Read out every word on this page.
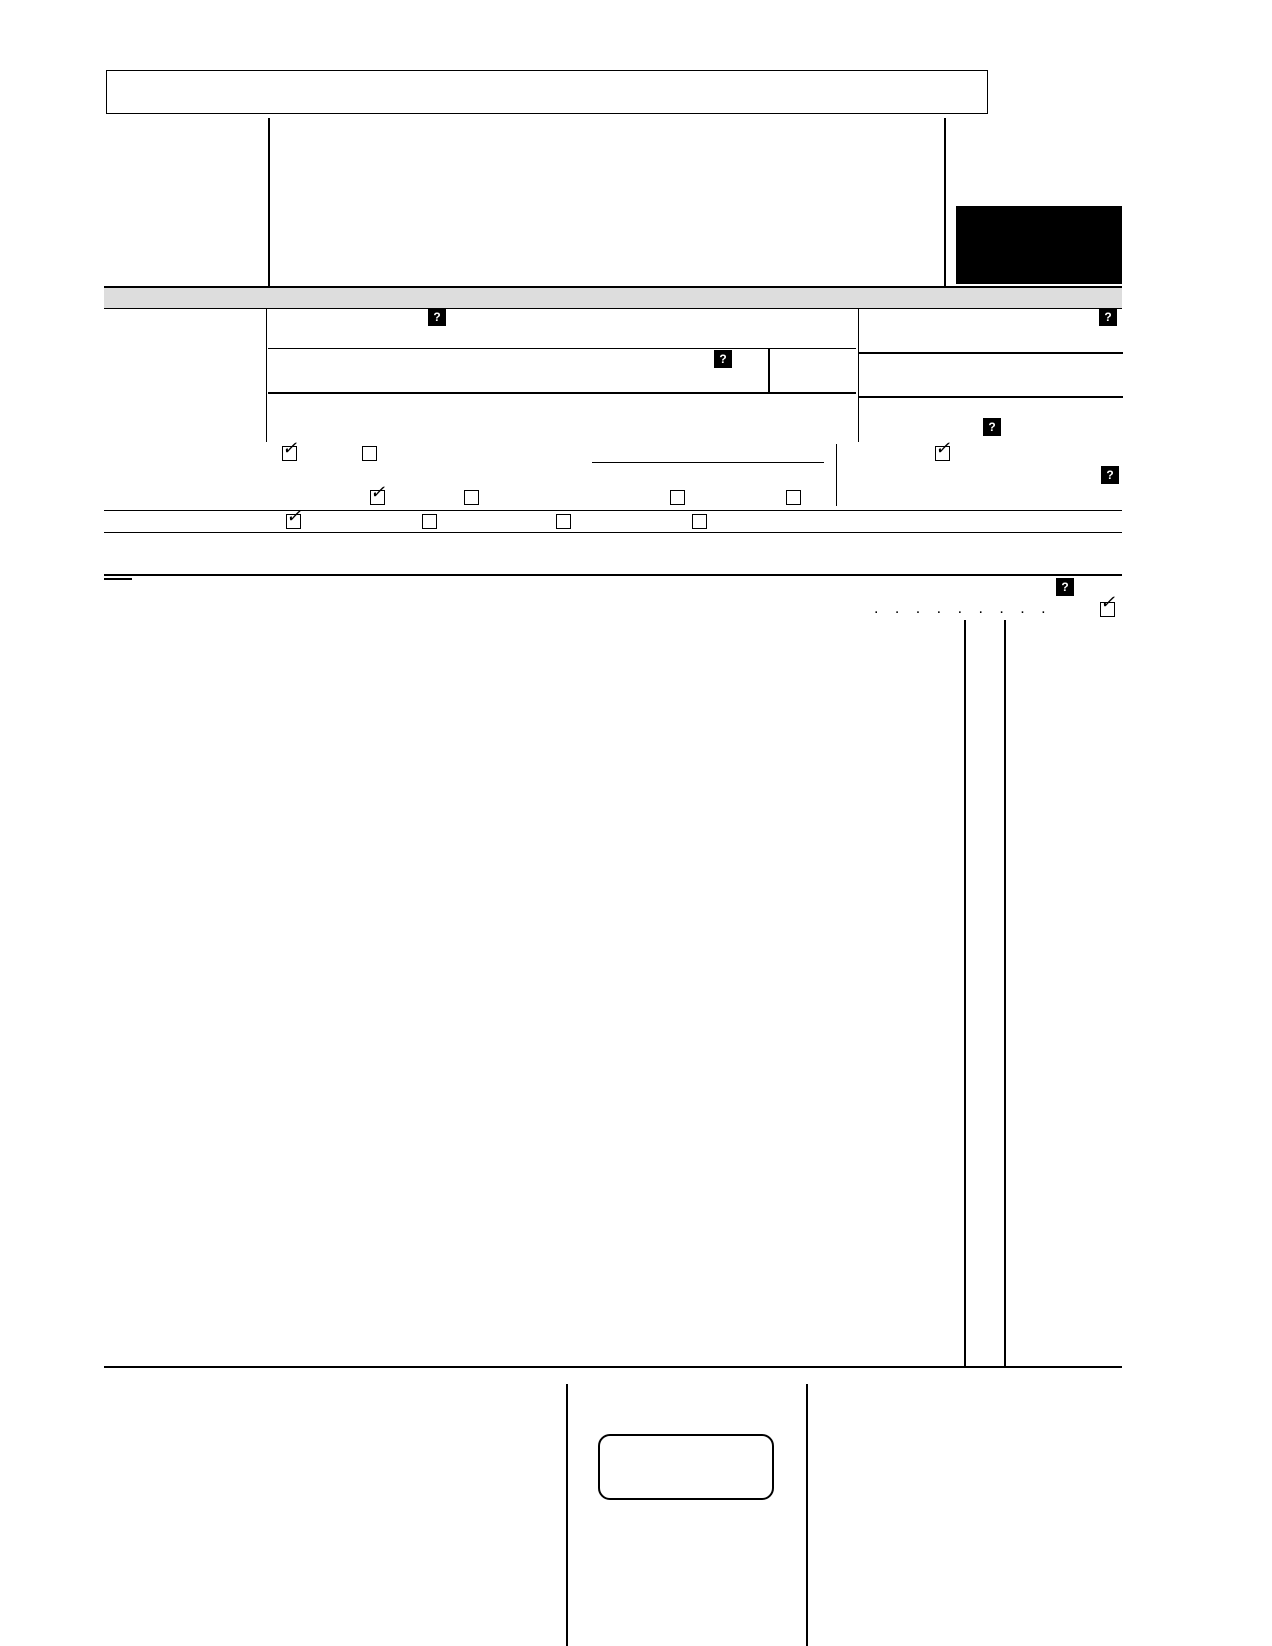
?
?
?
?
✓	✓
?
✓
✓
?
. . . . . . . . .	✓
